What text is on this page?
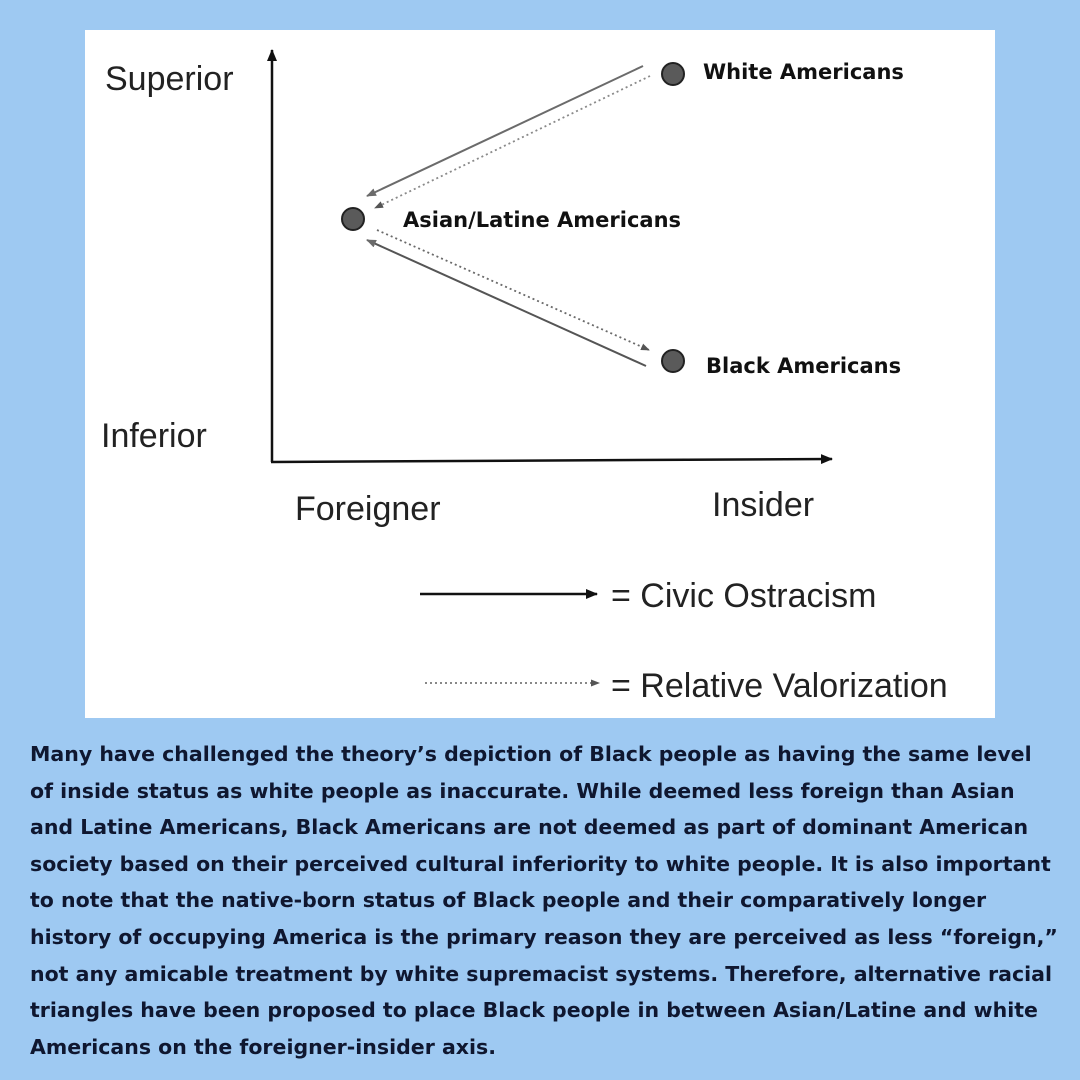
Superior
Inferior
Foreigner	Insider
White Americans
Asian/Latine Americans
Black Americans
= Civic Ostracism
= Relative Valorization

Many have challenged the theory’s depiction of Black people as having the same level of inside status as white people as inaccurate. While deemed less foreign than Asian and Latine Americans, Black Americans are not deemed as part of dominant American society based on their perceived cultural inferiority to white people. It is also important to note that the native-born status of Black people and their comparatively longer history of occupying America is the primary reason they are perceived as less “foreign,” not any amicable treatment by white supremacist systems. Therefore, alternative racial triangles have been proposed to place Black people in between Asian/Latine and white Americans on the foreigner-insider axis.
